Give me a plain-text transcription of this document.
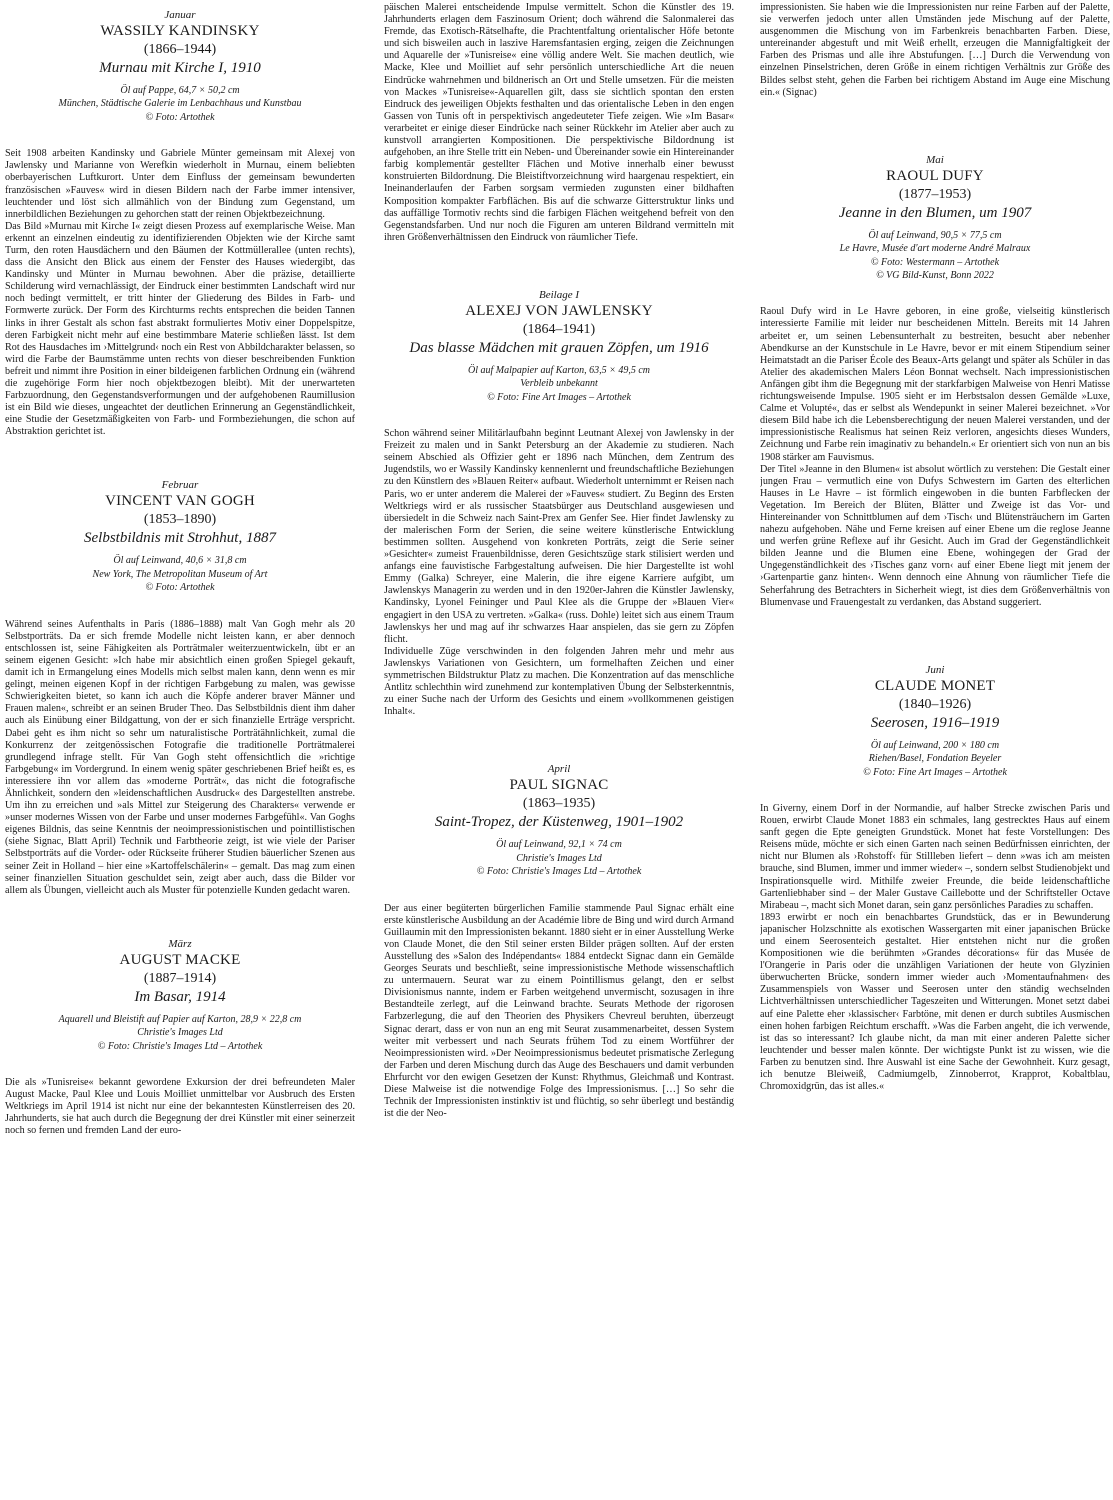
Januar
WASSILY KANDINSKY
(1866–1944)
Murnau mit Kirche I, 1910
Öl auf Pappe, 64,7 × 50,2 cm
München, Städtische Galerie im Lenbachhaus und Kunstbau
© Foto: Artothek

Seit 1908 arbeiten Kandinsky und Gabriele Münter gemeinsam mit Alexej von Jawlensky und Marianne von Werefkin wiederholt in Murnau, einem beliebten oberbayerischen Luftkurort. Unter dem Einfluss der gemeinsam bewunderten französischen »Fauves« wird in diesen Bildern nach der Farbe immer intensiver, leuchtender und löst sich allmählich von der Bindung zum Gegenstand, um innerbildlichen Beziehungen zu gehorchen statt der reinen Objektbezeichnung.

Das Bild »Murnau mit Kirche I« zeigt diesen Prozess auf exemplarische Weise. Man erkennt an einzelnen eindeutig zu identifizierenden Objekten wie der Kirche samt Turm, den roten Hausdächern und den Bäumen der Kottmüllerallee (unten rechts), dass die Ansicht den Blick aus einem der Fenster des Hauses wiedergibt, das Kandinsky und Münter in Murnau bewohnen. Aber die präzise, detaillierte Schilderung wird vernachlässigt, der Eindruck einer bestimmten Landschaft wird nur noch bedingt vermittelt, er tritt hinter der Gliederung des Bildes in Farb- und Formwerte zurück. Der Form des Kirchturms rechts entsprechen die beiden Tannen links in ihrer Gestalt als schon fast abstrakt formuliertes Motiv einer Doppelspitze, deren Farbigkeit nicht mehr auf eine bestimmbare Materie schließen lässt. Ist dem Rot des Hausdaches im ›Mittelgrund‹ noch ein Rest von Abbildcharakter belassen, so wird die Farbe der Baumstämme unten rechts von dieser beschreibenden Funktion befreit und nimmt ihre Position in einer bildeigenen farblichen Ordnung ein (während die zugehörige Form hier noch objektbezogen bleibt). Mit der unerwarteten Farbzuordnung, den Gegenstandsverformungen und der aufgehobenen Raumillusion ist ein Bild wie dieses, ungeachtet der deutlichen Erinnerung an Gegenständlichkeit, eine Studie der Gesetzmäßigkeiten von Farb- und Formbeziehungen, die schon auf Abstraktion gerichtet ist.

Februar
VINCENT VAN GOGH
(1853–1890)
Selbstbildnis mit Strohhut, 1887
Öl auf Leinwand, 40,6 × 31,8 cm
New York, The Metropolitan Museum of Art
© Foto: Artothek

Während seines Aufenthalts in Paris (1886–1888) malt Van Gogh mehr als 20 Selbstporträts. Da er sich fremde Modelle nicht leisten kann, er aber dennoch entschlossen ist, seine Fähigkeiten als Porträtmaler weiterzuentwickeln, übt er an seinem eigenen Gesicht: »Ich habe mir absichtlich einen großen Spiegel gekauft, damit ich in Ermangelung eines Modells mich selbst malen kann, denn wenn es mir gelingt, meinen eigenen Kopf in der richtigen Farbgebung zu malen, was gewisse Schwierigkeiten bietet, so kann ich auch die Köpfe anderer braver Männer und Frauen malen«, schreibt er an seinen Bruder Theo. Das Selbstbildnis dient ihm daher auch als Einübung einer Bildgattung, von der er sich finanzielle Erträge verspricht. Dabei geht es ihm nicht so sehr um naturalistische Porträtähnlichkeit, zumal die Konkurrenz der zeitgenössischen Fotografie die traditionelle Porträtmalerei grundlegend infrage stellt. Für Van Gogh steht offensichtlich die »richtige Farbgebung« im Vordergrund. In einem wenig später geschriebenen Brief heißt es, es interessiere ihn vor allem das »moderne Porträt«, das nicht die fotografische Ähnlichkeit, sondern den »leidenschaftlichen Ausdruck« des Dargestellten anstrebe. Um ihn zu erreichen und »als Mittel zur Steigerung des Charakters« verwende er »unser modernes Wissen von der Farbe und unser modernes Farbgefühl«. Van Goghs eigenes Bildnis, das seine Kenntnis der neoimpressionistischen und pointillistischen (siehe Signac, Blatt April) Technik und Farbtheorie zeigt, ist wie viele der Pariser Selbstporträts auf die Vorder- oder Rückseite früherer Studien bäuerlicher Szenen aus seiner Zeit in Holland – hier eine »Kartoffelschälerin« – gemalt. Das mag zum einen seiner finanziellen Situation geschuldet sein, zeigt aber auch, dass die Bilder vor allem als Übungen, vielleicht auch als Muster für potenzielle Kunden gedacht waren.

März
AUGUST MACKE
(1887–1914)
Im Basar, 1914
Aquarell und Bleistift auf Papier auf Karton, 28,9 × 22,8 cm
Christie's Images Ltd
© Foto: Christie's Images Ltd – Artothek

Die als »Tunisreise« bekannt gewordene Exkursion der drei befreundeten Maler August Macke, Paul Klee und Louis Moilliet unmittelbar vor Ausbruch des Ersten Weltkriegs im April 1914 ist nicht nur eine der bekanntesten Künstlerreisen des 20. Jahrhunderts, sie hat auch durch die Begegnung der drei Künstler mit einer seinerzeit noch so fernen und fremden Land der euro-

päischen Malerei entscheidende Impulse vermittelt. Schon die Künstler des 19. Jahrhunderts erlagen dem Faszinosum Orient; doch während die Salonmalerei das Fremde, das Exotisch-Rätselhafte, die Prachtentfaltung orientalischer Höfe betonte und sich bisweilen auch in laszive Haremsfantasien erging, zeigen die Zeichnungen und Aquarelle der »Tunisreise« eine völlig andere Welt. Sie machen deutlich, wie Macke, Klee und Moilliet auf sehr persönlich unterschiedliche Art die neuen Eindrücke wahrnehmen und bildnerisch an Ort und Stelle umsetzen. Für die meisten von Mackes »Tunisreise«-Aquarellen gilt, dass sie sichtlich spontan den ersten Eindruck des jeweiligen Objekts festhalten und das orientalische Leben in den engen Gassen von Tunis oft in perspektivisch angedeuteter Tiefe zeigen. Wie »Im Basar« verarbeitet er einige dieser Eindrücke nach seiner Rückkehr im Atelier aber auch zu kunstvoll arrangierten Kompositionen. Die perspektivische Bildordnung ist aufgehoben, an ihre Stelle tritt ein Neben- und Übereinander sowie ein Hintereinander farbig komplementär gestellter Flächen und Motive innerhalb einer bewusst konstruierten Bildordnung. Die Bleistiftvorzeichnung wird haargenau respektiert, ein Ineinanderlaufen der Farben sorgsam vermieden zugunsten einer bildhaften Komposition kompakter Farbflächen. Bis auf die schwarze Gitterstruktur links und das auffällige Tormotiv rechts sind die farbigen Flächen weitgehend befreit von den Gegenstandsfarben. Und nur noch die Figuren am unteren Bildrand vermitteln mit ihren Größenverhältnissen den Eindruck von räumlicher Tiefe.

Beilage I
ALEXEJ VON JAWLENSKY
(1864–1941)
Das blasse Mädchen mit grauen Zöpfen, um 1916
Öl auf Malpapier auf Karton, 63,5 × 49,5 cm
Verbleib unbekannt
© Foto: Fine Art Images – Artothek

Schon während seiner Militärlaufbahn beginnt Leutnant Alexej von Jawlensky in der Freizeit zu malen und in Sankt Petersburg an der Akademie zu studieren. Nach seinem Abschied als Offizier geht er 1896 nach München, dem Zentrum des Jugendstils, wo er Wassily Kandinsky kennenlernt und freundschaftliche Beziehungen zu den Künstlern des »Blauen Reiter« aufbaut. Wiederholt unternimmt er Reisen nach Paris, wo er unter anderem die Malerei der »Fauves« studiert. Zu Beginn des Ersten Weltkriegs wird er als russischer Staatsbürger aus Deutschland ausgewiesen und übersiedelt in die Schweiz nach Saint-Prex am Genfer See. Hier findet Jawlensky zu der malerischen Form der Serien, die seine weitere künstlerische Entwicklung bestimmen sollten. Ausgehend von konkreten Porträts, zeigt die Serie seiner »Gesichter« zumeist Frauenbildnisse, deren Gesichtszüge stark stilisiert werden und anfangs eine fauvistische Farbgestaltung aufweisen. Die hier Dargestellte ist wohl Emmy (Galka) Schreyer, eine Malerin, die ihre eigene Karriere aufgibt, um Jawlenskys Managerin zu werden und in den 1920er-Jahren die Künstler Jawlensky, Kandinsky, Lyonel Feininger und Paul Klee als die Gruppe der »Blauen Vier« engagiert in den USA zu vertreten. »Galka« (russ. Dohle) leitet sich aus einem Traum Jawlenskys her und mag auf ihr schwarzes Haar anspielen, das sie gern zu Zöpfen flicht.

Individuelle Züge verschwinden in den folgenden Jahren mehr und mehr aus Jawlenskys Variationen von Gesichtern, um formelhaften Zeichen und einer symmetrischen Bildstruktur Platz zu machen. Die Konzentration auf das menschliche Antlitz schlechthin wird zunehmend zur kontemplativen Übung der Selbsterkenntnis, zu einer Suche nach der Urform des Gesichts und einem »vollkommenen geistigen Inhalt«.

April
PAUL SIGNAC
(1863–1935)
Saint-Tropez, der Küstenweg, 1901–1902
Öl auf Leinwand, 92,1 × 74 cm
Christie's Images Ltd
© Foto: Christie's Images Ltd – Artothek

Der aus einer begüterten bürgerlichen Familie stammende Paul Signac erhält eine erste künstlerische Ausbildung an der Académie libre de Bing und wird durch Armand Guillaumin mit den Impressionisten bekannt. 1880 sieht er in einer Ausstellung Werke von Claude Monet, die den Stil seiner ersten Bilder prägen sollten. Auf der ersten Ausstellung des »Salon des Indépendants« 1884 entdeckt Signac dann ein Gemälde Georges Seurats und beschließt, seine impressionistische Methode wissenschaftlich zu untermauern. Seurat war zu einem Pointillismus gelangt, den er selbst Divisionismus nannte, indem er Farben weitgehend unvermischt, sozusagen in ihre Bestandteile zerlegt, auf die Leinwand brachte. Seurats Methode der rigorosen Farbzerlegung, die auf den Theorien des Physikers Chevreul beruhten, überzeugt Signac derart, dass er von nun an eng mit Seurat zusammenarbeitet, dessen System weiter mit verbessert und nach Seurats frühem Tod zu einem Wortführer der Neoimpressionisten wird. »Der Neoimpressionismus bedeutet prismatische Zerlegung der Farben und deren Mischung durch das Auge des Beschauers und damit verbunden Ehrfurcht vor den ewigen Gesetzen der Kunst: Rhythmus, Gleichmaß und Kontrast. Diese Malweise ist die notwendige Folge des Impressionismus. […] So sehr die Technik der Impressionisten instinktiv ist und flüchtig, so sehr überlegt und beständig ist die der Neo-

impressionisten. Sie haben wie die Impressionisten nur reine Farben auf der Palette, sie verwerfen jedoch unter allen Umständen jede Mischung auf der Palette, ausgenommen die Mischung von im Farbenkreis benachbarten Farben. Diese, untereinander abgestuft und mit Weiß erhellt, erzeugen die Mannigfaltigkeit der Farben des Prismas und alle ihre Abstufungen. […] Durch die Verwendung von einzelnen Pinselstrichen, deren Größe in einem richtigen Verhältnis zur Größe des Bildes selbst steht, gehen die Farben bei richtigem Abstand im Auge eine Mischung ein.« (Signac)

Mai
RAOUL DUFY
(1877–1953)
Jeanne in den Blumen, um 1907
Öl auf Leinwand, 90,5 × 77,5 cm
Le Havre, Musée d'art moderne André Malraux
© Foto: Westermann – Artothek
© VG Bild-Kunst, Bonn 2022

Raoul Dufy wird in Le Havre geboren, in eine große, vielseitig künstlerisch interessierte Familie mit leider nur bescheidenen Mitteln. Bereits mit 14 Jahren arbeitet er, um seinen Lebensunterhalt zu bestreiten, besucht aber nebenher Abendkurse an der Kunstschule in Le Havre, bevor er mit einem Stipendium seiner Heimatstadt an die Pariser École des Beaux-Arts gelangt und später als Schüler in das Atelier des akademischen Malers Léon Bonnat wechselt. Nach impressionistischen Anfängen gibt ihm die Begegnung mit der starkfarbigen Malweise von Henri Matisse richtungsweisende Impulse. 1905 sieht er im Herbstsalon dessen Gemälde »Luxe, Calme et Volupté«, das er selbst als Wendepunkt in seiner Malerei bezeichnet. »Vor diesem Bild habe ich die Lebensberechtigung der neuen Malerei verstanden, und der impressionistische Realismus hat seinen Reiz verloren, angesichts dieses Wunders, Zeichnung und Farbe rein imaginativ zu behandeln.« Er orientiert sich von nun an bis 1908 stärker am Fauvismus.

Der Titel »Jeanne in den Blumen« ist absolut wörtlich zu verstehen: Die Gestalt einer jungen Frau – vermutlich eine von Dufys Schwestern im Garten des elterlichen Hauses in Le Havre – ist förmlich eingewoben in die bunten Farbflecken der Vegetation. Im Bereich der Blüten, Blätter und Zweige ist das Vor- und Hintereinander von Schnittblumen auf dem ›Tisch‹ und Blütensträuchern im Garten nahezu aufgehoben. Nähe und Ferne kreisen auf einer Ebene um die reglose Jeanne und werfen grüne Reflexe auf ihr Gesicht. Auch im Grad der Gegenständlichkeit bilden Jeanne und die Blumen eine Ebene, wohingegen der Grad der Ungegenständlichkeit des ›Tisches ganz vorn‹ auf einer Ebene liegt mit jenem der ›Gartenpartie ganz hinten‹. Wenn dennoch eine Ahnung von räumlicher Tiefe die Seherfahrung des Betrachters in Sicherheit wiegt, ist dies dem Größenverhältnis von Blumenvase und Frauengestalt zu verdanken, das Abstand suggeriert.

Juni
CLAUDE MONET
(1840–1926)
Seerosen, 1916–1919
Öl auf Leinwand, 200 × 180 cm
Riehen/Basel, Fondation Beyeler
© Foto: Fine Art Images – Artothek

In Giverny, einem Dorf in der Normandie, auf halber Strecke zwischen Paris und Rouen, erwirbt Claude Monet 1883 ein schmales, lang gestrecktes Haus auf einem sanft gegen die Epte geneigten Grundstück. Monet hat feste Vorstellungen: Des Reisens müde, möchte er sich einen Garten nach seinen Bedürfnissen einrichten, der nicht nur Blumen als ›Rohstoff‹ für Stillleben liefert – denn »was ich am meisten brauche, sind Blumen, immer und immer wieder« –, sondern selbst Studienobjekt und Inspirationsquelle wird. Mithilfe zweier Freunde, die beide leidenschaftliche Gartenliebhaber sind – der Maler Gustave Caillebotte und der Schriftsteller Octave Mirabeau –, macht sich Monet daran, sein ganz persönliches Paradies zu schaffen.

1893 erwirbt er noch ein benachbartes Grundstück, das er in Bewunderung japanischer Holzschnitte als exotischen Wassergarten mit einer japanischen Brücke und einem Seerosenteich gestaltet. Hier entstehen nicht nur die großen Kompositionen wie die berühmten »Grandes décorations« für das Musée de l'Orangerie in Paris oder die unzähligen Variationen der heute von Glyzinien überwucherten Brücke, sondern immer wieder auch ›Momentaufnahmen‹ des Zusammenspiels von Wasser und Seerosen unter den ständig wechselnden Lichtverhältnissen unterschiedlicher Tageszeiten und Witterungen. Monet setzt dabei auf eine Palette eher ›klassischer‹ Farbtöne, mit denen er durch subtiles Ausmischen einen hohen farbigen Reichtum erschafft. »Was die Farben angeht, die ich verwende, ist das so interessant? Ich glaube nicht, da man mit einer anderen Palette sicher leuchtender und besser malen könnte. Der wichtigste Punkt ist zu wissen, wie die Farben zu benutzen sind. Ihre Auswahl ist eine Sache der Gewohnheit. Kurz gesagt, ich benutze Bleiweiß, Cadmiumgelb, Zinnoberrot, Krapprot, Kobaltblau, Chromoxidgrün, das ist alles.«
